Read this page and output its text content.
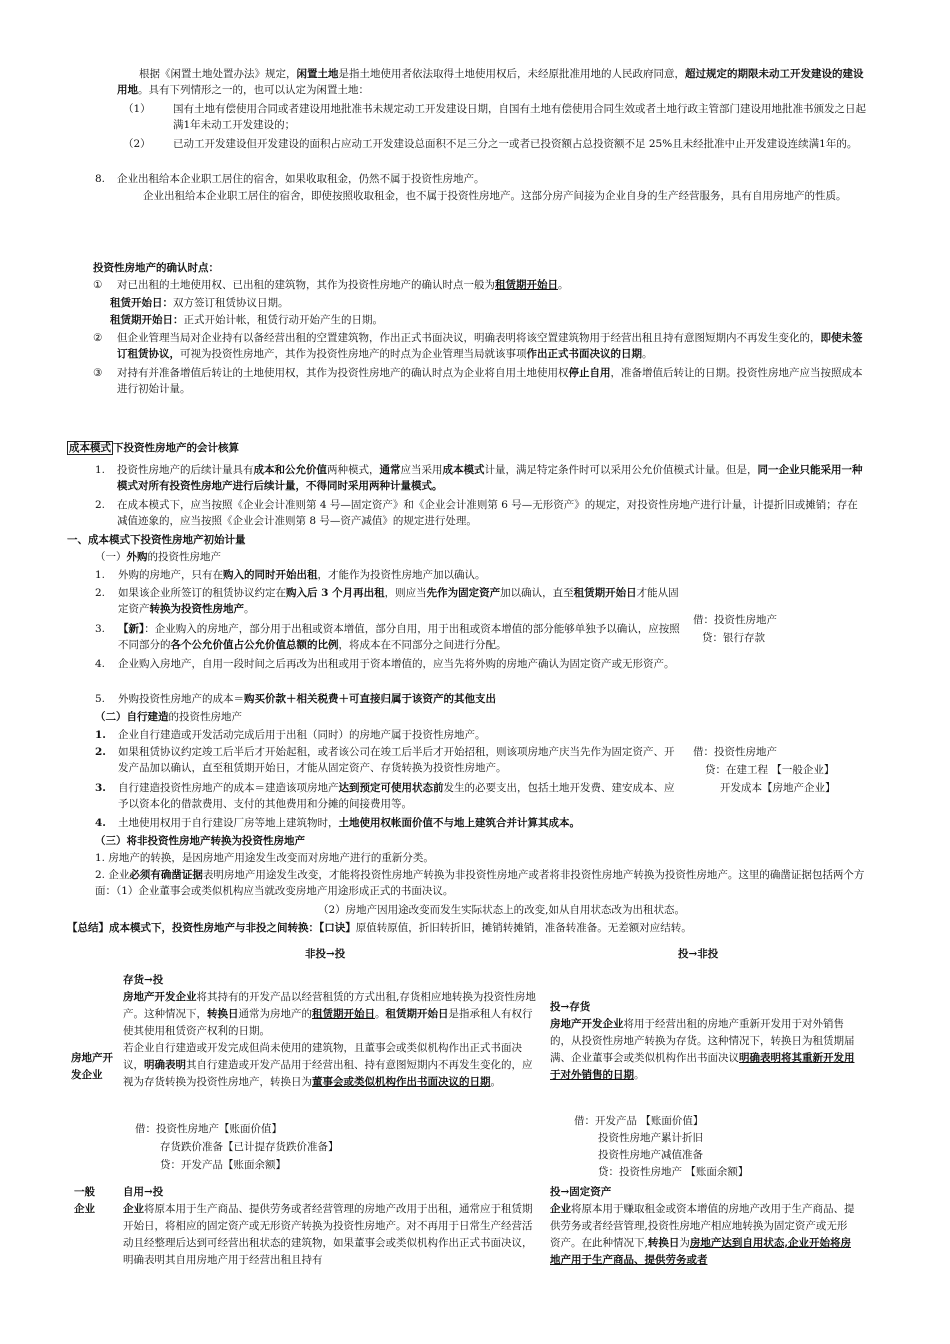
根据《闲置土地处置办法》规定，闲置土地是指土地使用者依法取得土地使用权后，未经原批准用地的人民政府同意，超过规定的期限未动工开发建设的建设用地。具有下列情形之一的，也可以认定为闲置土地：
（1） 国有土地有偿使用合同或者建设用地批准书未规定动工开发建设日期，自国有土地有偿使用合同生效或者土地行政主管部门建设用地批准书颁发之日起满1年未动工开发建设的；
（2） 已动工开发建设但开发建设的面积占应动工开发建设总面积不足三分之一或者已投资额占总投资额不足 25%且未经批准中止开发建设连续满1年的。
8. 企业出租给本企业职工居住的宿舍，如果收取租金，仍然不属于投资性房地产。
企业出租给本企业职工居住的宿舍，即使按照收取租金，也不属于投资性房地产。这部分房产间接为企业自身的生产经营服务，具有自用房地产的性质。
投资性房地产的确认时点：
① 对已出租的土地使用权、已出租的建筑物，其作为投资性房地产的确认时点一般为租赁期开始日。
租赁开始日：双方签订租赁协议日期。
租赁期开始日：正式开始计帐，租赁行动开始产生的日期。
② 但企业管理当局对企业持有以备经营出租的空置建筑物，作出正式书面决议，明确表明将该空置建筑物用于经营出租且持有意图短期内不再发生变化的，即使未签订租赁协议，可视为投资性房地产，其作为投资性房地产的时点为企业管理当局就该事项作出正式书面决议的日期。
③ 对持有并准备增值后转让的土地使用权，其作为投资性房地产的确认时点为企业将自用土地使用权停止自用，准备增值后转让的日期。投资性房地产应当按照成本进行初始计量。
成本模式 下投资性房地产的会计核算
1. 投资性房地产的后续计量具有成本和公允价值两种模式，通常应当采用成本模式计量，满足特定条件时可以采用公允价值模式计量。但是，同一企业只能采用一种模式对所有投资性房地产进行后续计量，不得同时采用两种计量模式。
2. 在成本模式下，应当按照《企业会计准则第 4 号—固定资产》和《企业会计准则第 6 号—无形资产》的规定，对投资性房地产进行计量，计提折旧或摊销；存在减值迹象的，应当按照《企业会计准则第 8 号—资产减值》的规定进行处理。
一、成本模式下投资性房地产初始计量
（一）外购的投资性房地产
1. 外购的房地产，只有在购入的同时开始出租，才能作为投资性房地产加以确认。
2. 如果该企业所签订的租赁协议约定在购入后 3 个月再出租，则应当先作为固定资产加以确认，直至租赁期开始日才能从固定资产转换为投资性房地产。
3. 【新】：企业购入的房地产，部分用于出租或资本增值，部分自用，用于出租或资本增值的部分能够单独予以确认，应按照不同部分的各个公允价值占公允价值总额的比例，将成本在不同部分之间进行分配。
4. 企业购入房地产，自用一段时间之后再改为出租或用于资本增值的，应当先将外购的房地产确认为固定资产或无形资产。
5. 外购投资性房地产的成本＝购买价款＋相关税费＋可直接归属于该资产的其他支出
借：投资性房地产
贷：银行存款
（二）自行建造的投资性房地产
1. 企业自行建造或开发活动完成后用于出租（同时）的房地产属于投资性房地产。
2. 如果租赁协议约定竣工后半后才开始起租，或者该公司在竣工后半后才开始招租，则该项房地产庆当先作为固定资产、开发产品加以确认，直至租赁期开始日，才能从固定资产、存货转换为投资性房地产。
3. 自行建造投资性房地产的成本＝建造该项房地产达到预定可使用状态前发生的必要支出，包括土地开发费、建安成本、应予以资本化的借款费用、支付的其他费用和分摊的间接费用等。
4. 土地使用权用于自行建设厂房等地上建筑物时，土地使用权帐面价值不与地上建筑合并计算其成本。
借：投资性房地产
贷：在建工程 【一般企业】
开发成本【房地产企业】
（三）将非投资性房地产转换为投资性房地产
1. 房地产的转换，是因房地产用途发生改变而对房地产进行的重新分类。
2. 企业必须有确凿证据表明房地产用途发生改变，才能将投资性房地产转换为非投资性房地产或者将非投资性房地产转换为投资性房地产。这里的确凿证据包括两个方面：（1）企业董事会或类似机构应当就改变房地产用途形成正式的书面决议。
（2）房地产因用途改变而发生实际状态上的改变,如从自用状态改为出租状态。
【总结】成本模式下，投资性房地产与非投之间转换：【口诀】原值转原值，折旧转折旧，摊销转摊销，准备转准备。无差额对应结转。
非投→投	投→非投
房地产开发企业
存货→投
房地产开发企业将其持有的开发产品以经营租赁的方式出租,存货相应地转换为投资性房地产。这种情况下，转换日通常为房地产的租赁期开始日。租赁期开始日是指承租人有权行使其使用租赁资产权利的日期。
若企业自行建造或开发完成但尚未使用的建筑物，且董事会或类似机构作出正式书面决议，明确表明其自行建造或开发产品用于经营出租、持有意图短期内不再发生变化的，应视为存货转换为投资性房地产，转换日为董事会或类似机构作出书面决议的日期。
投→存货
房地产开发企业将用于经营出租的房地产重新开发用于对外销售的，从投资性房地产转换为存货。这种情况下，转换日为租赁期届满、企业董事会或类似机构作出书面决议明确表明将其重新开发用于对外销售的日期。
借：投资性房地产【账面价值】
存货跌价准备【已计提存货跌价准备】
贷：开发产品【账面余额】
借：开发产品 【账面价值】
投资性房地产累计折旧
投资性房地产减值准备
贷：投资性房地产 【账面余额】
一般
企业
自用→投
企业将原本用于生产商品、提供劳务或者经营管理的房地产改用于出租，通常应于租赁期开始日，将相应的固定资产或无形资产转换为投资性房地产。对不再用于日常生产经营活动且经整理后达到可经营出租状态的建筑物，如果董事会或类似机构作出正式书面决议，明确表明其自用房地产用于经营出租且持有
投→固定资产
企业将原本用于赚取租金或资本增值的房地产改用于生产商品、提供劳务或者经营管理,投资性房地产相应地转换为固定资产或无形资产。在此种情况下,转换日为房地产达到自用状态,企业开始将房地产用于生产商品、提供劳务或者
